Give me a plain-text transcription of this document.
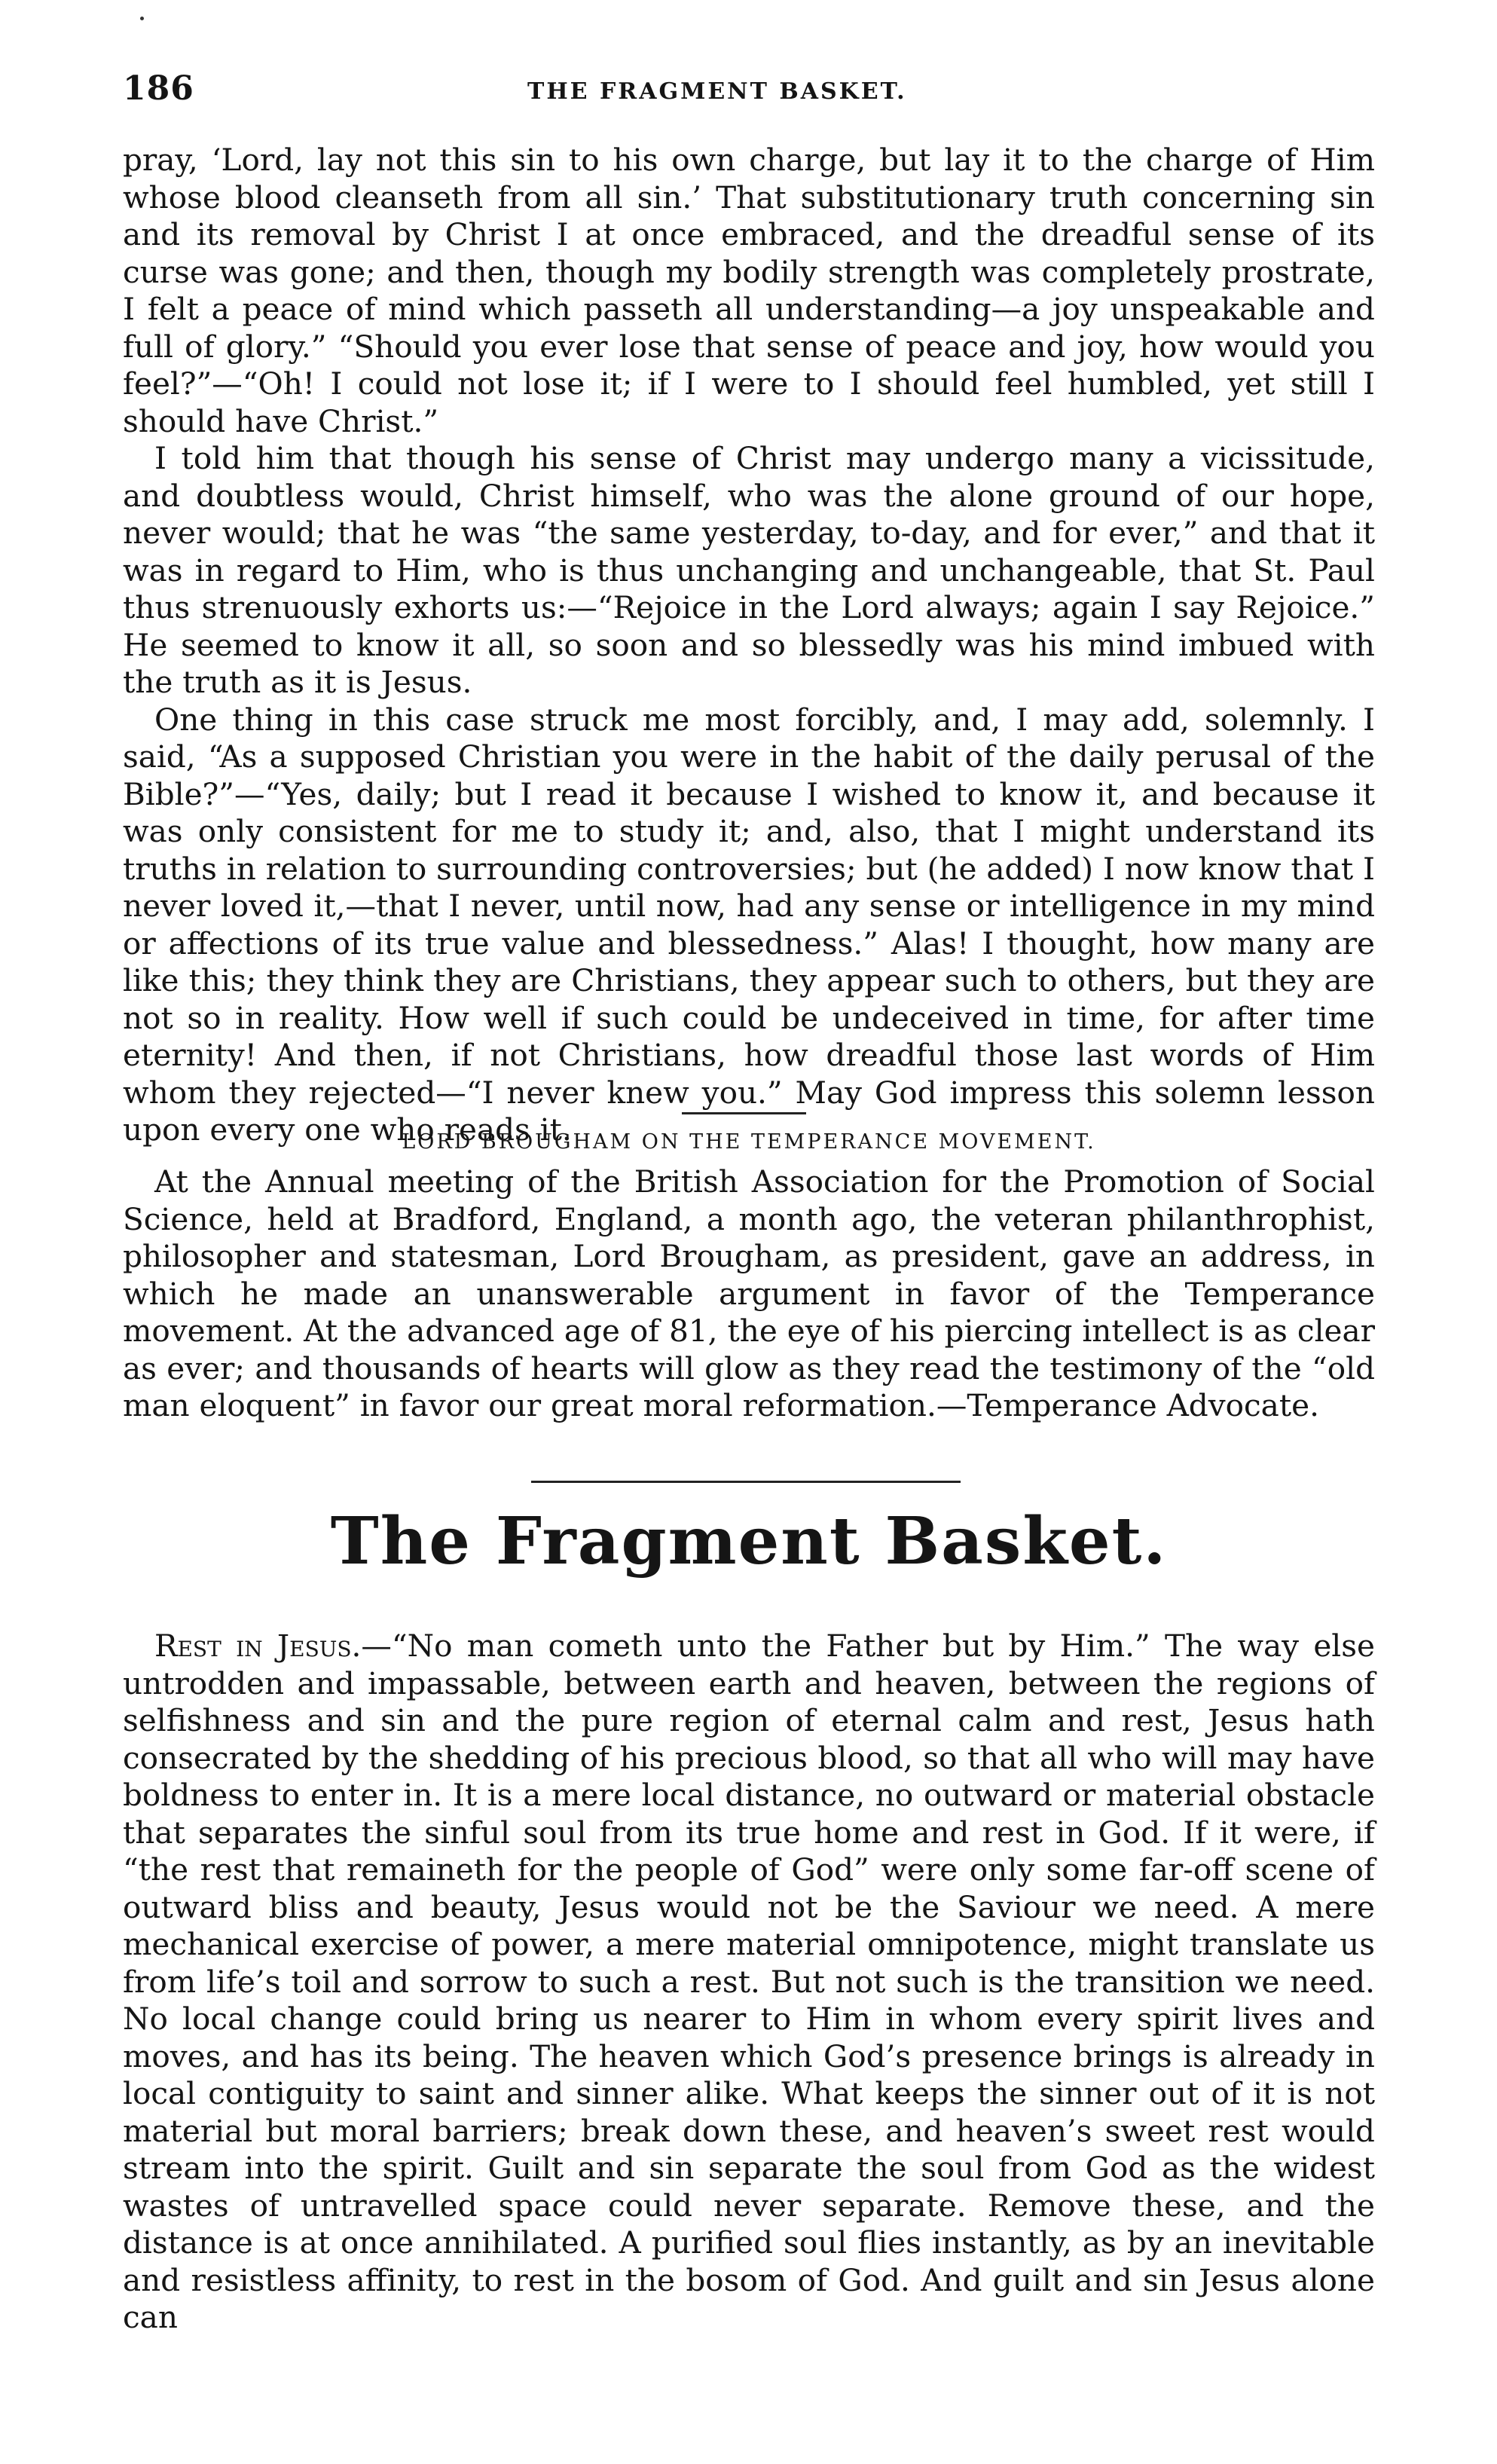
186	THE FRAGMENT BASKET.

pray, ‘Lord, lay not this sin to his own charge, but lay it to the charge of Him whose blood cleanseth from all sin.’ That substitutionary truth concerning sin and its removal by Christ I at once embraced, and the dreadful sense of its curse was gone; and then, though my bodily strength was completely prostrate, I felt a peace of mind which passeth all understanding—a joy unspeakable and full of glory.” “Should you ever lose that sense of peace and joy, how would you feel?”—“Oh! I could not lose it; if I were to I should feel humbled, yet still I should have Christ.”

I told him that though his sense of Christ may undergo many a vicissitude, and doubtless would, Christ himself, who was the alone ground of our hope, never would; that he was “the same yesterday, to-day, and for ever,” and that it was in regard to Him, who is thus unchanging and unchangeable, that St. Paul thus strenuously exhorts us:—“Rejoice in the Lord always; again I say Rejoice.” He seemed to know it all, so soon and so blessedly was his mind imbued with the truth as it is Jesus.

One thing in this case struck me most forcibly, and, I may add, solemnly. I said, “As a supposed Christian you were in the habit of the daily perusal of the Bible?”—“Yes, daily; but I read it because I wished to know it, and because it was only consistent for me to study it; and, also, that I might understand its truths in relation to surrounding controversies; but (he added) I now know that I never loved it,—that I never, until now, had any sense or intelligence in my mind or affections of its true value and blessedness.” Alas! I thought, how many are like this; they think they are Christians, they appear such to others, but they are not so in reality. How well if such could be undeceived in time, for after time eternity! And then, if not Christians, how dreadful those last words of Him whom they rejected—“I never knew you.” May God impress this solemn lesson upon every one who reads it.

LORD BROUGHAM ON THE TEMPERANCE MOVEMENT.

At the Annual meeting of the British Association for the Promotion of Social Science, held at Bradford, England, a month ago, the veteran philanthrophist, philosopher and statesman, Lord Brougham, as president, gave an address, in which he made an unanswerable argument in favor of the Temperance movement. At the advanced age of 81, the eye of his piercing intellect is as clear as ever; and thousands of hearts will glow as they read the testimony of the “old man eloquent” in favor our great moral reformation.—Temperance Advocate.

The Fragment Basket.

Rest in Jesus.—“No man cometh unto the Father but by Him.” The way else untrodden and impassable, between earth and heaven, between the regions of selfishness and sin and the pure region of eternal calm and rest, Jesus hath consecrated by the shedding of his precious blood, so that all who will may have boldness to enter in. It is a mere local distance, no outward or material obstacle that separates the sinful soul from its true home and rest in God. If it were, if “the rest that remaineth for the people of God” were only some far-off scene of outward bliss and beauty, Jesus would not be the Saviour we need. A mere mechanical exercise of power, a mere material omnipotence, might translate us from life’s toil and sorrow to such a rest. But not such is the transition we need. No local change could bring us nearer to Him in whom every spirit lives and moves, and has its being. The heaven which God’s presence brings is already in local contiguity to saint and sinner alike. What keeps the sinner out of it is not material but moral barriers; break down these, and heaven’s sweet rest would stream into the spirit. Guilt and sin separate the soul from God as the widest wastes of untravelled space could never separate. Remove these, and the distance is at once annihilated. A purified soul flies instantly, as by an inevitable and resistless affinity, to rest in the bosom of God. And guilt and sin Jesus alone can
